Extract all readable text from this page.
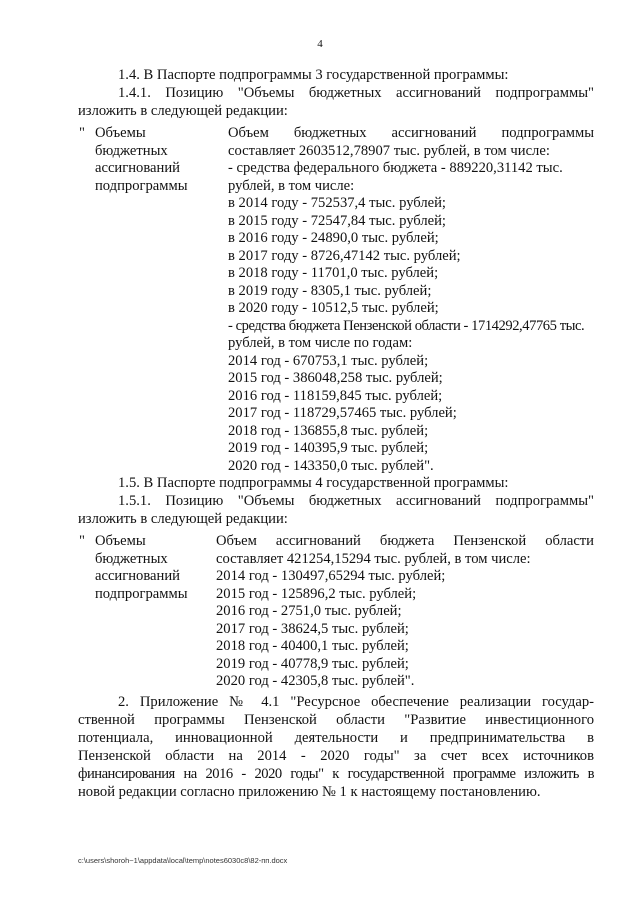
4
1.4. В Паспорте подпрограммы 3 государственной программы:
1.4.1. Позицию "Объемы бюджетных ассигнований подпрограммы"
изложить в следующей редакции:
" Объемы
бюджетных
ассигнований
подпрограммы
Объем бюджетных ассигнований подпрограммы
составляет 2603512,78907 тыс. рублей, в том числе:
- средства федерального бюджета - 889220,31142 тыс.
рублей, в том числе:
в 2014 году - 752537,4 тыс. рублей;
в 2015 году - 72547,84 тыс. рублей;
в 2016 году - 24890,0 тыс. рублей;
в 2017 году - 8726,47142 тыс. рублей;
в 2018 году - 11701,0 тыс. рублей;
в 2019 году - 8305,1 тыс. рублей;
в 2020 году - 10512,5 тыс. рублей;
- средства бюджета Пензенской области - 1714292,47765 тыс.
рублей, в том числе по годам:
2014 год - 670753,1 тыс. рублей;
2015 год - 386048,258 тыс. рублей;
2016 год - 118159,845 тыс. рублей;
2017 год - 118729,57465 тыс. рублей;
2018 год - 136855,8 тыс. рублей;
2019 год - 140395,9 тыс. рублей;
2020 год - 143350,0 тыс. рублей".
1.5. В Паспорте подпрограммы 4 государственной программы:
1.5.1. Позицию "Объемы бюджетных ассигнований подпрограммы"
изложить в следующей редакции:
" Объемы
бюджетных
ассигнований
подпрограммы
Объем ассигнований бюджета Пензенской области
составляет 421254,15294 тыс. рублей, в том числе:
2014 год - 130497,65294 тыс. рублей;
2015 год - 125896,2 тыс. рублей;
2016 год - 2751,0 тыс. рублей;
2017 год - 38624,5 тыс. рублей;
2018 год - 40400,1 тыс. рублей;
2019 год - 40778,9 тыс. рублей;
2020 год - 42305,8 тыс. рублей".
2. Приложение № 4.1 "Ресурсное обеспечение реализации государ-
ственной программы Пензенской области "Развитие инвестиционного
потенциала, инновационной деятельности и предпринимательства в
Пензенской области на 2014 - 2020 годы" за счет всех источников
финансирования на 2016 - 2020 годы" к государственной программе изложить в
новой редакции согласно приложению № 1 к настоящему постановлению.
c:\users\shoroh~1\appdata\local\temp\notes6030c8\82-пп.docx
